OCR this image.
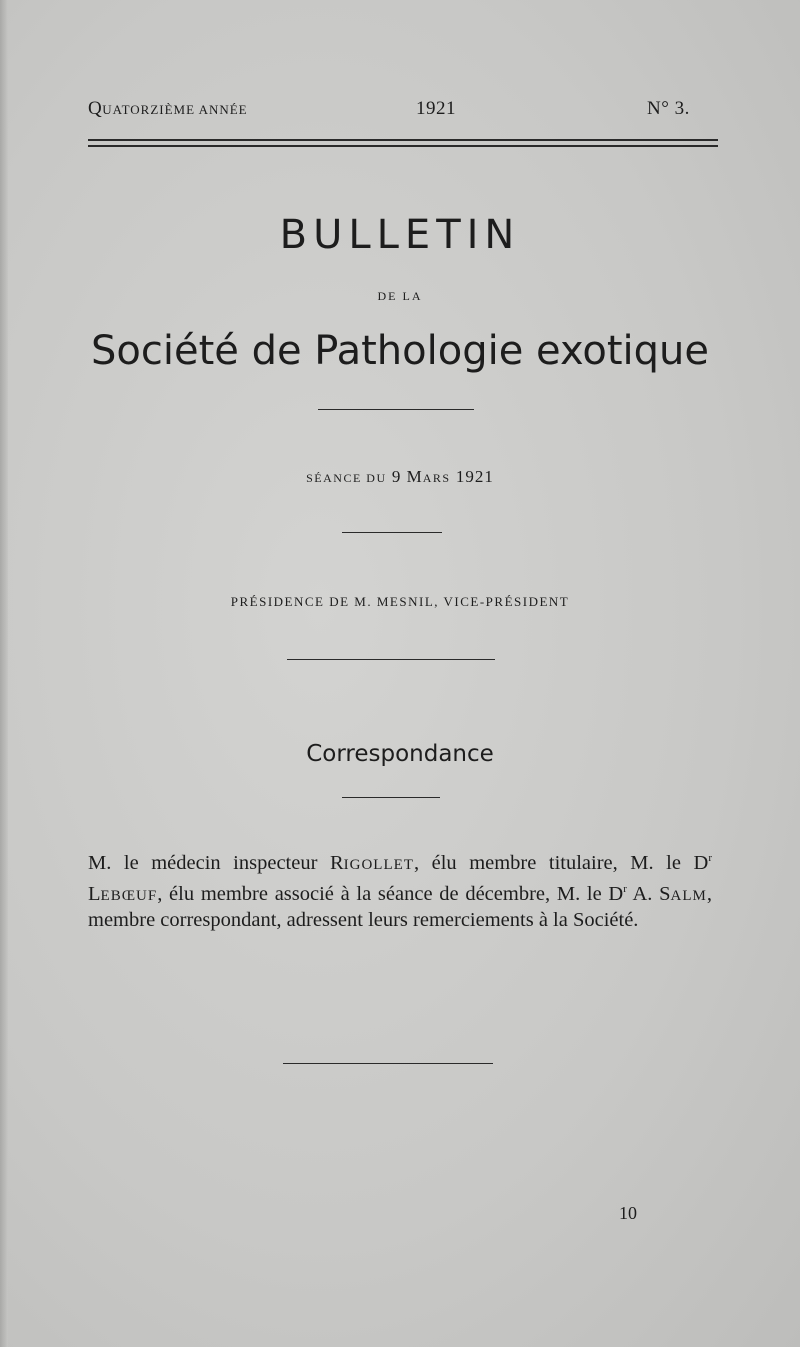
QUATORZIÈME ANNÉE	1921	N° 3.
BULLETIN
DE LA
Société de Pathologie exotique
SÉANCE DU 9 MARS 1921
PRÉSIDENCE DE M. MESNIL, VICE-PRÉSIDENT
Correspondance
M. le médecin inspecteur RIGOLLET, élu membre titulaire, M. le $D^r$ LEBŒUF, élu membre associé à la séance de décembre, M. le $D^r$ A. SALM, membre correspondant, adressent leurs remerciements à la Société.
10
